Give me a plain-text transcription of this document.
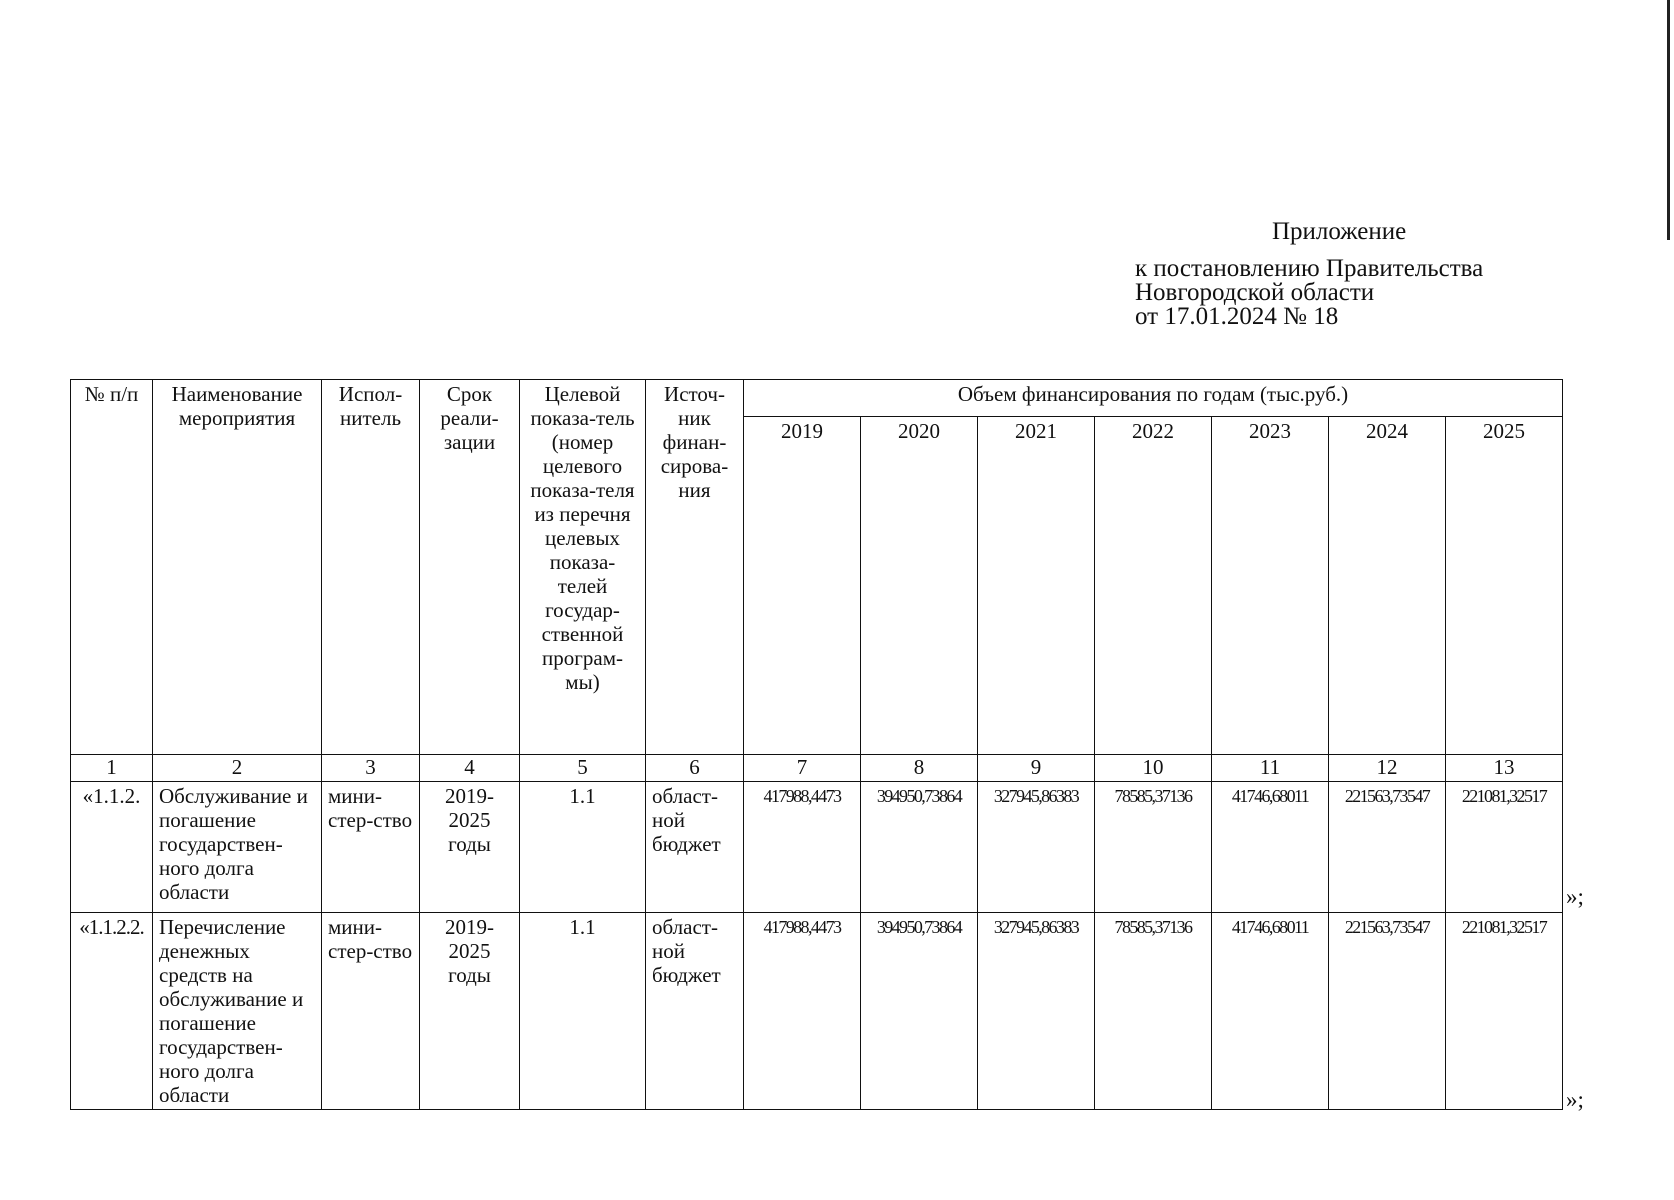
Приложение
к постановлению Правительства
Новгородской области
от 17.01.2024 № 18
№ п/п	Наименование мероприятия	Испол-нитель	Срок реали-зации	Целевой показа-тель (номер целевого показа-теля из перечня целевых показа-телей государ-ственной програм-мы)	Источ-ник финан-сирова-ния	Объем финансирования по годам (тыс.руб.)						
						2019	2020	2021	2022	2023	2024	2025
1	2	3	4	5	6	7	8	9	10	11	12	13
«1.1.2.	Обслуживание и погашение государствен-ного долга области	мини-стер-ство	2019-2025 годы	1.1	област-ной бюджет	417988,4473	394950,73864	327945,86383	78585,37136	41746,68011	221563,73547	221081,32517
«1.1.2.2.	Перечисление денежных средств на обслуживание и погашение государствен-ного долга области	мини-стер-ство	2019-2025 годы	1.1	област-ной бюджет	417988,4473	394950,73864	327945,86383	78585,37136	41746,68011	221563,73547	221081,32517
»;
»;
